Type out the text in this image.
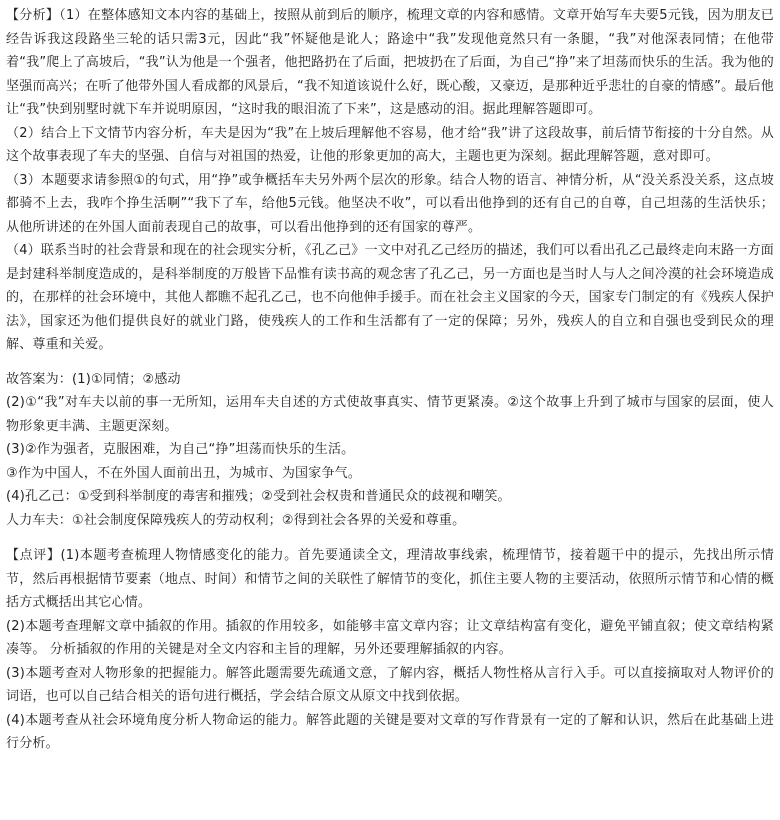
【分析】（1）在整体感知文本内容的基础上，按照从前到后的顺序，梳理文章的内容和感情。文章开始写车夫要5元钱，因为朋友已经告诉我这段路坐三轮的话只需3元，因此“我”怀疑他是讹人；路途中“我”发现他竟然只有一条腿，“我”对他深表同情；在他带着“我”爬上了高坡后，“我”认为他是一个强者，他把路扔在了后面，把坡扔在了后面，为自己“挣”来了坦荡而快乐的生活。我为他的坚强而高兴；在听了他带外国人看成都的风景后，“我不知道该说什么好，既心酸，又豪迈，是那种近乎悲壮的自豪的情感”。最后他让“我”快到别墅时就下车并说明原因，“这时我的眼泪流了下来”，这是感动的泪。据此理解答题即可。

（2）结合上下文情节内容分析，车夫是因为“我”在上坡后理解他不容易，他才给“我”讲了这段故事，前后情节衔接的十分自然。从这个故事表现了车夫的坚强、自信与对祖国的热爱，让他的形象更加的高大，主题也更为深刻。据此理解答题，意对即可。

（3）本题要求请参照①的句式，用“挣”或争概括车夫另外两个层次的形象。结合人物的语言、神情分析，从“没关系没关系，这点坡都骑不上去，我咋个挣生活啊”“我下了车，给他5元钱。他坚决不收”，可以看出他挣到的还有自己的自尊，自己坦荡的生活快乐；从他所讲述的在外国人面前表现自己的故事，可以看出他挣到的还有国家的尊严。

（4）联系当时的社会背景和现在的社会现实分析，《孔乙己》一文中对孔乙己经历的描述，我们可以看出孔乙己最终走向末路一方面是封建科举制度造成的，是科举制度的万般皆下品惟有读书高的观念害了孔乙己，另一方面也是当时人与人之间冷漠的社会环境造成的，在那样的社会环境中，其他人都瞧不起孔乙己，也不向他伸手援手。而在社会主义国家的今天，国家专门制定的有《残疾人保护法》，国家还为他们提供良好的就业门路，使残疾人的工作和生活都有了一定的保障；另外，残疾人的自立和自强也受到民众的理解、尊重和关爱。

故答案为：(1)①同情；②感动

(2)①“我”对车夫以前的事一无所知，运用车夫自述的方式使故事真实、情节更紧凑。②这个故事上升到了城市与国家的层面，使人物形象更丰满、主题更深刻。

(3)②作为强者，克服困难，为自己“挣”坦荡而快乐的生活。

③作为中国人，不在外国人面前出丑，为城市、为国家争气。

(4)孔乙己：①受到科举制度的毒害和摧残；②受到社会权贵和普通民众的歧视和嘲笑。

人力车夫：①社会制度保障残疾人的劳动权利；②得到社会各界的关爱和尊重。

【点评】(1)本题考查梳理人物情感变化的能力。首先要通读全文，理清故事线索，梳理情节，接着题干中的提示，先找出所示情节，然后再根据情节要素（地点、时间）和情节之间的关联性了解情节的变化，抓住主要人物的主要活动，依照所示情节和心情的概括方式概括出其它心情。

(2)本题考查理解文章中插叙的作用。插叙的作用较多，如能够丰富文章内容；让文章结构富有变化，避免平铺直叙；使文章结构紧凑等。 分析插叙的作用的关键是对全文内容和主旨的理解，另外还要理解插叙的内容。

(3)本题考查对人物形象的把握能力。解答此题需要先疏通文意，了解内容，概括人物性格从言行入手。可以直接摘取对人物评价的词语，也可以自己结合相关的语句进行概括，学会结合原文从原文中找到依据。

(4)本题考查从社会环境角度分析人物命运的能力。解答此题的关键是要对文章的写作背景有一定的了解和认识，然后在此基础上进行分析。
